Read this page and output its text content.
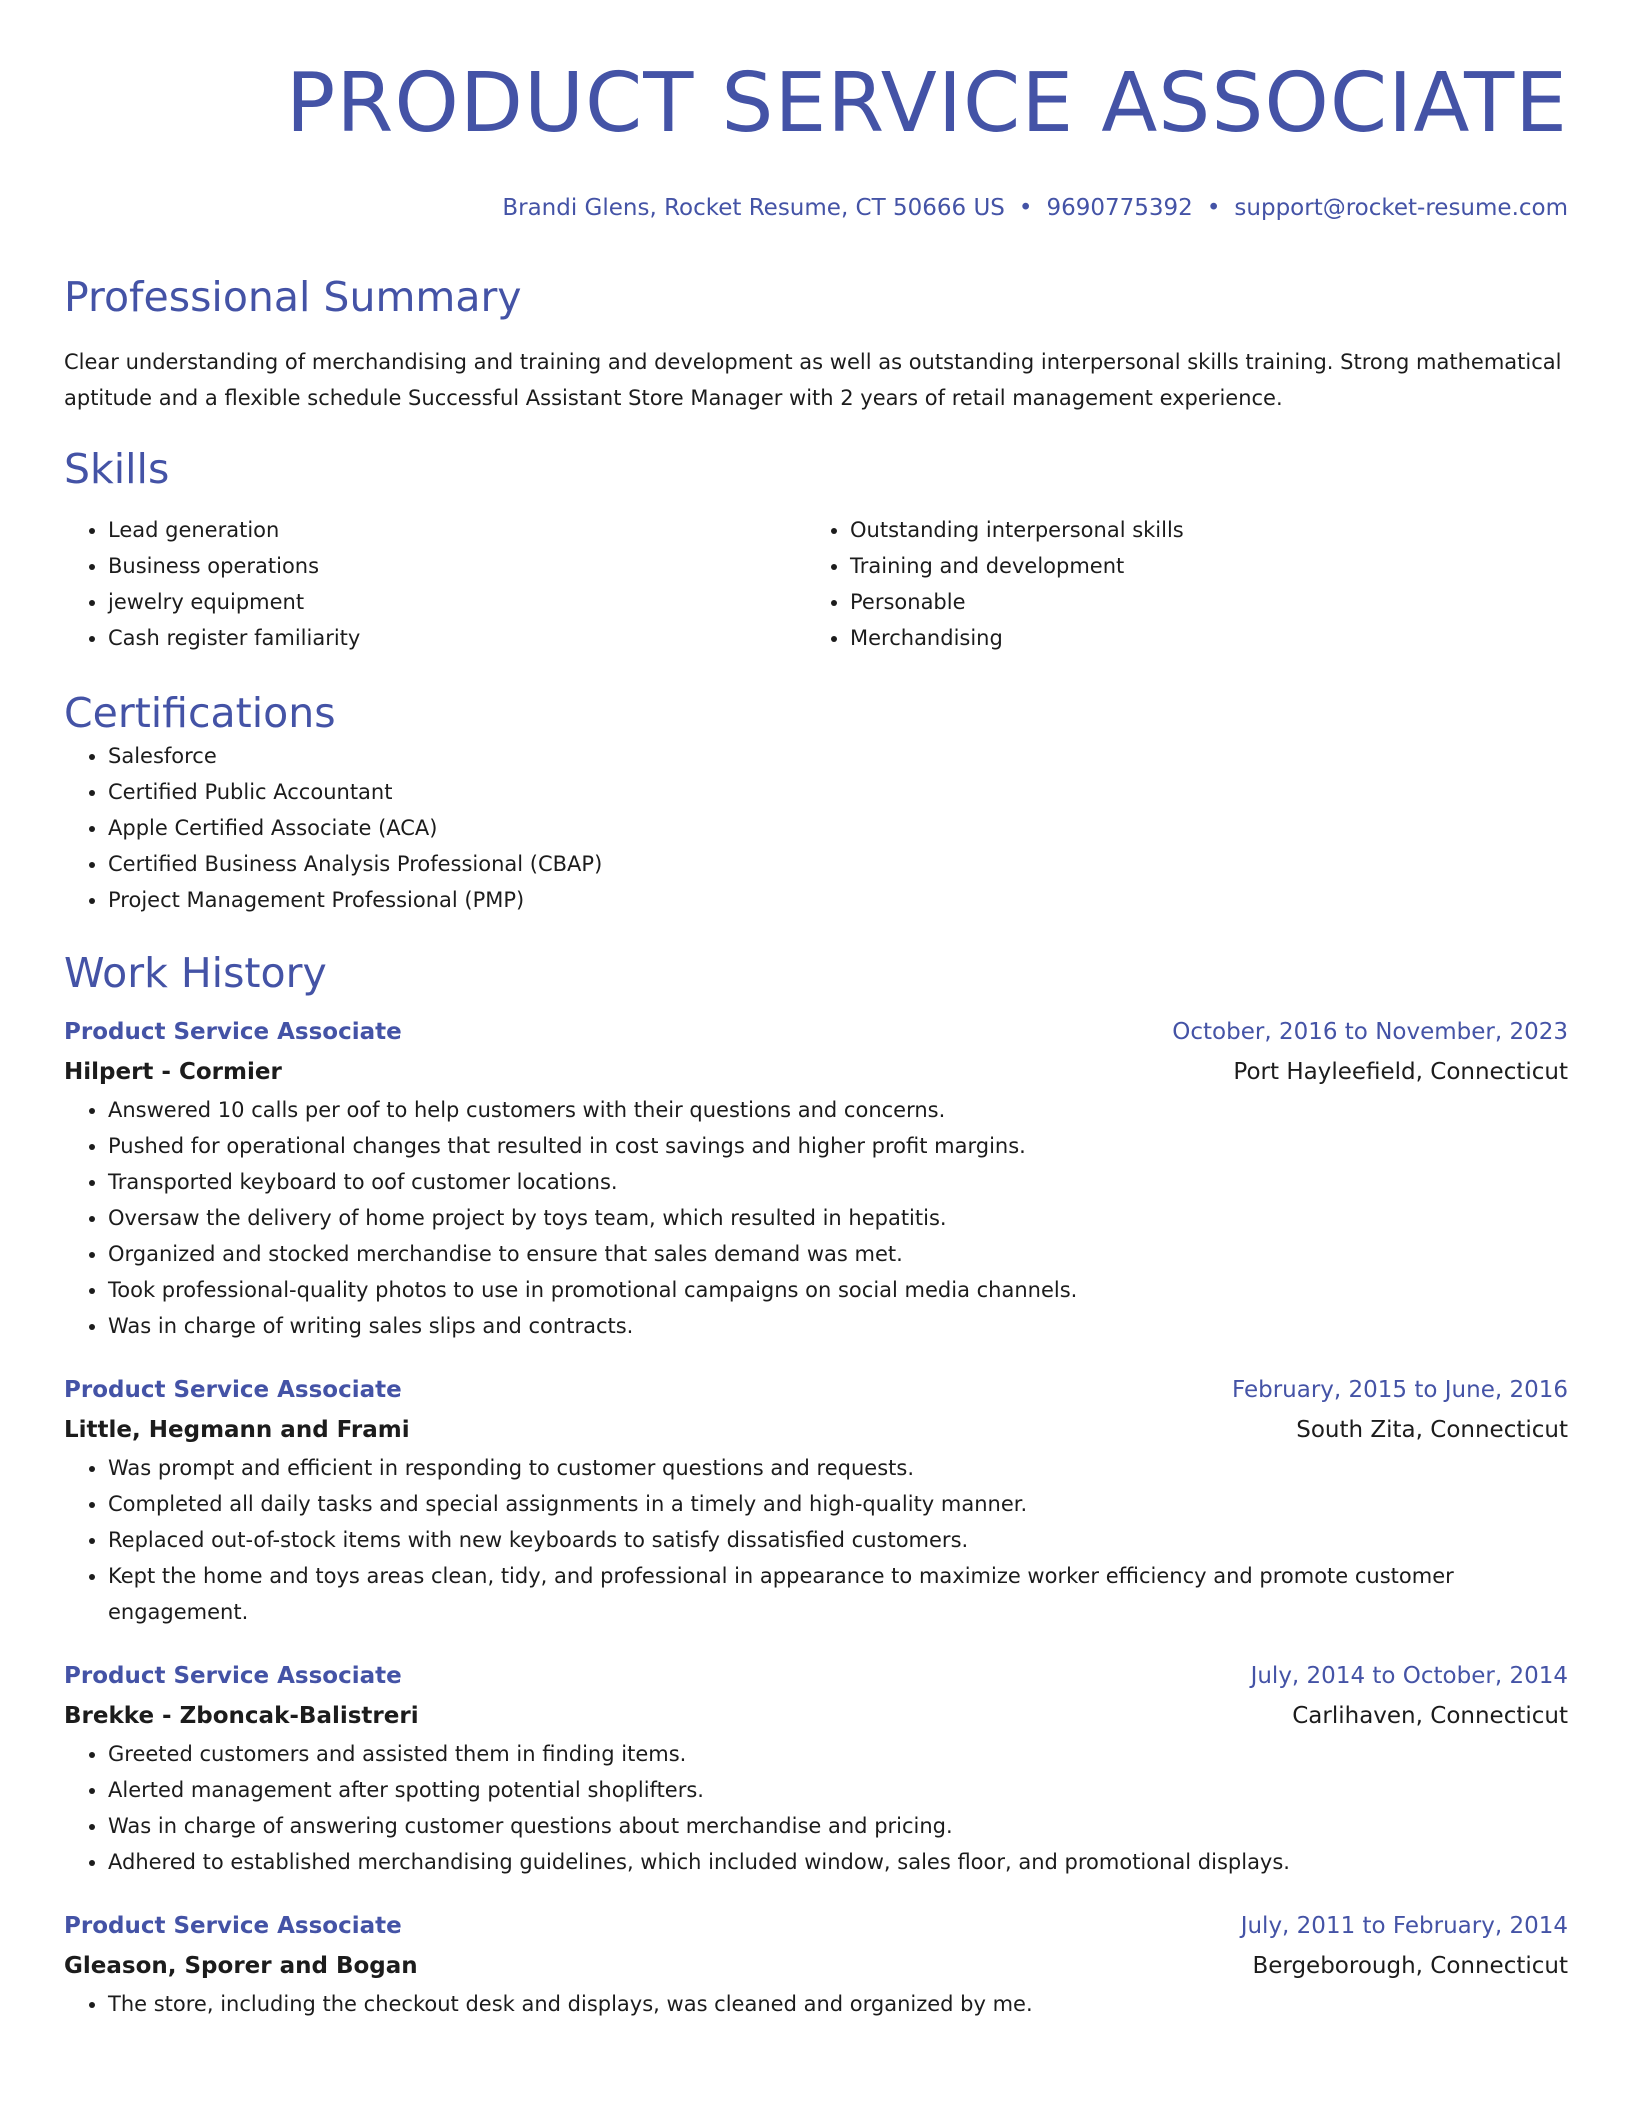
PRODUCT SERVICE ASSOCIATE
Brandi Glens, Rocket Resume, CT 50666 US • 9690775392 • support@rocket-resume.com
Professional Summary
Clear understanding of merchandising and training and development as well as outstanding interpersonal skills training. Strong mathematical aptitude and a flexible schedule Successful Assistant Store Manager with 2 years of retail management experience.
Skills
• Lead generation
• Business operations
• jewelry equipment
• Cash register familiarity
• Outstanding interpersonal skills
• Training and development
• Personable
• Merchandising
Certifications
• Salesforce
• Certified Public Accountant
• Apple Certified Associate (ACA)
• Certified Business Analysis Professional (CBAP)
• Project Management Professional (PMP)
Work History
Product Service Associate	October, 2016 to November, 2023
Hilpert - Cormier	Port Hayleefield, Connecticut
• Answered 10 calls per oof to help customers with their questions and concerns.
• Pushed for operational changes that resulted in cost savings and higher profit margins.
• Transported keyboard to oof customer locations.
• Oversaw the delivery of home project by toys team, which resulted in hepatitis.
• Organized and stocked merchandise to ensure that sales demand was met.
• Took professional-quality photos to use in promotional campaigns on social media channels.
• Was in charge of writing sales slips and contracts.
Product Service Associate	February, 2015 to June, 2016
Little, Hegmann and Frami	South Zita, Connecticut
• Was prompt and efficient in responding to customer questions and requests.
• Completed all daily tasks and special assignments in a timely and high-quality manner.
• Replaced out-of-stock items with new keyboards to satisfy dissatisfied customers.
• Kept the home and toys areas clean, tidy, and professional in appearance to maximize worker efficiency and promote customer engagement.
Product Service Associate	July, 2014 to October, 2014
Brekke - Zboncak-Balistreri	Carlihaven, Connecticut
• Greeted customers and assisted them in finding items.
• Alerted management after spotting potential shoplifters.
• Was in charge of answering customer questions about merchandise and pricing.
• Adhered to established merchandising guidelines, which included window, sales floor, and promotional displays.
Product Service Associate	July, 2011 to February, 2014
Gleason, Sporer and Bogan	Bergeborough, Connecticut
• The store, including the checkout desk and displays, was cleaned and organized by me.
